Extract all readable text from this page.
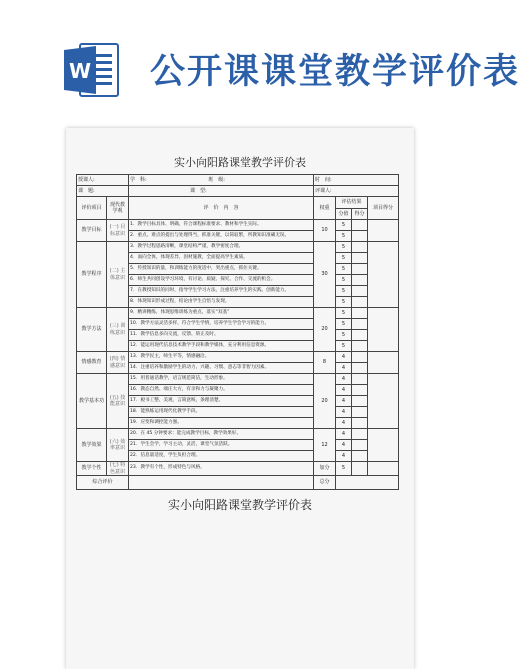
W 公开课课堂教学评价表
实小向阳路课堂教学评价表
授课人:		学　科: 班　级:	时　间:			
课　题:		课　型:	评课人:			
评价项目	现代教学观	评　价　内　容	权重	评估结果		项目得分
				分值	得分	
教学目标	(一) 目标意识	1．教学目标具体、明确，符合课程标准要求、教材和学生实际。	10	5		
		2．重点、难点的提出与处理得当，抓准关键，以简驭繁，所教知识准确无误。		5		
教学程序	(二) 主体意识	3．教学过程思路清晰，课堂结构严谨，教学密度合理。	30	5		
		4．面向全体，体现差异，因材施教，全面提高学生素质。		5		
		5．传授知识的量，和训练能力的度适中，突出重点，抓住关键。		5		
		6．师生共同创设学习环境，有讨论、质疑、探究、合作、交流的机会。		5		
		7．在教授知识的同时，指导学生学习方法，注重培养学生的实践、创新能力。		5		
		8．体现知识形成过程，结论由学生自悟与发现。		5		
教学方法	(三) 训练意识	9．精讲精练，体现思维训练为重点，落实“双基”	20	5		
		10．教学方法灵活多样，符合学生学情，培养学生学会学习的能力。		5		
		11．教学信息多向交流，反馈、矫正及时。		5		
		12．能运用现代信息技术教学手段和教学媒体，充分利用信息资源。		5		
情感教育	(四) 情感意识	13．教学民主，师生平等，情感融洽。	8	4		
		14．注重培养和激励学生的动力、兴趣、习惯、意志等非智力因素。		4		
教学基本功	(五) 技能意识	15．用普通话教学，语言规范简洁，生动形象。	20	4		
		16．教态自然、端庄大方，有亲和力与凝聚力。		4		
		17．板书工整、美观，言简意赅，条理清楚。		4		
		18．能熟练运用现代化教学手段。		4		
		19．应变和调控能力强。		4		
教学效果	(六) 效率意识	20．在 45 分钟要求：能完成教学目标，教学效果好。	12	4		
		21．学生会学，学习主动，灵活，课堂气氛活跃。		4		
		22．信息量适度，学生负担合理。		4		
教学个性	(七) 特色意识	23．教学有个性，形成特色与风格。	加分	5		
综合评价			总分			
实小向阳路课堂教学评价表
